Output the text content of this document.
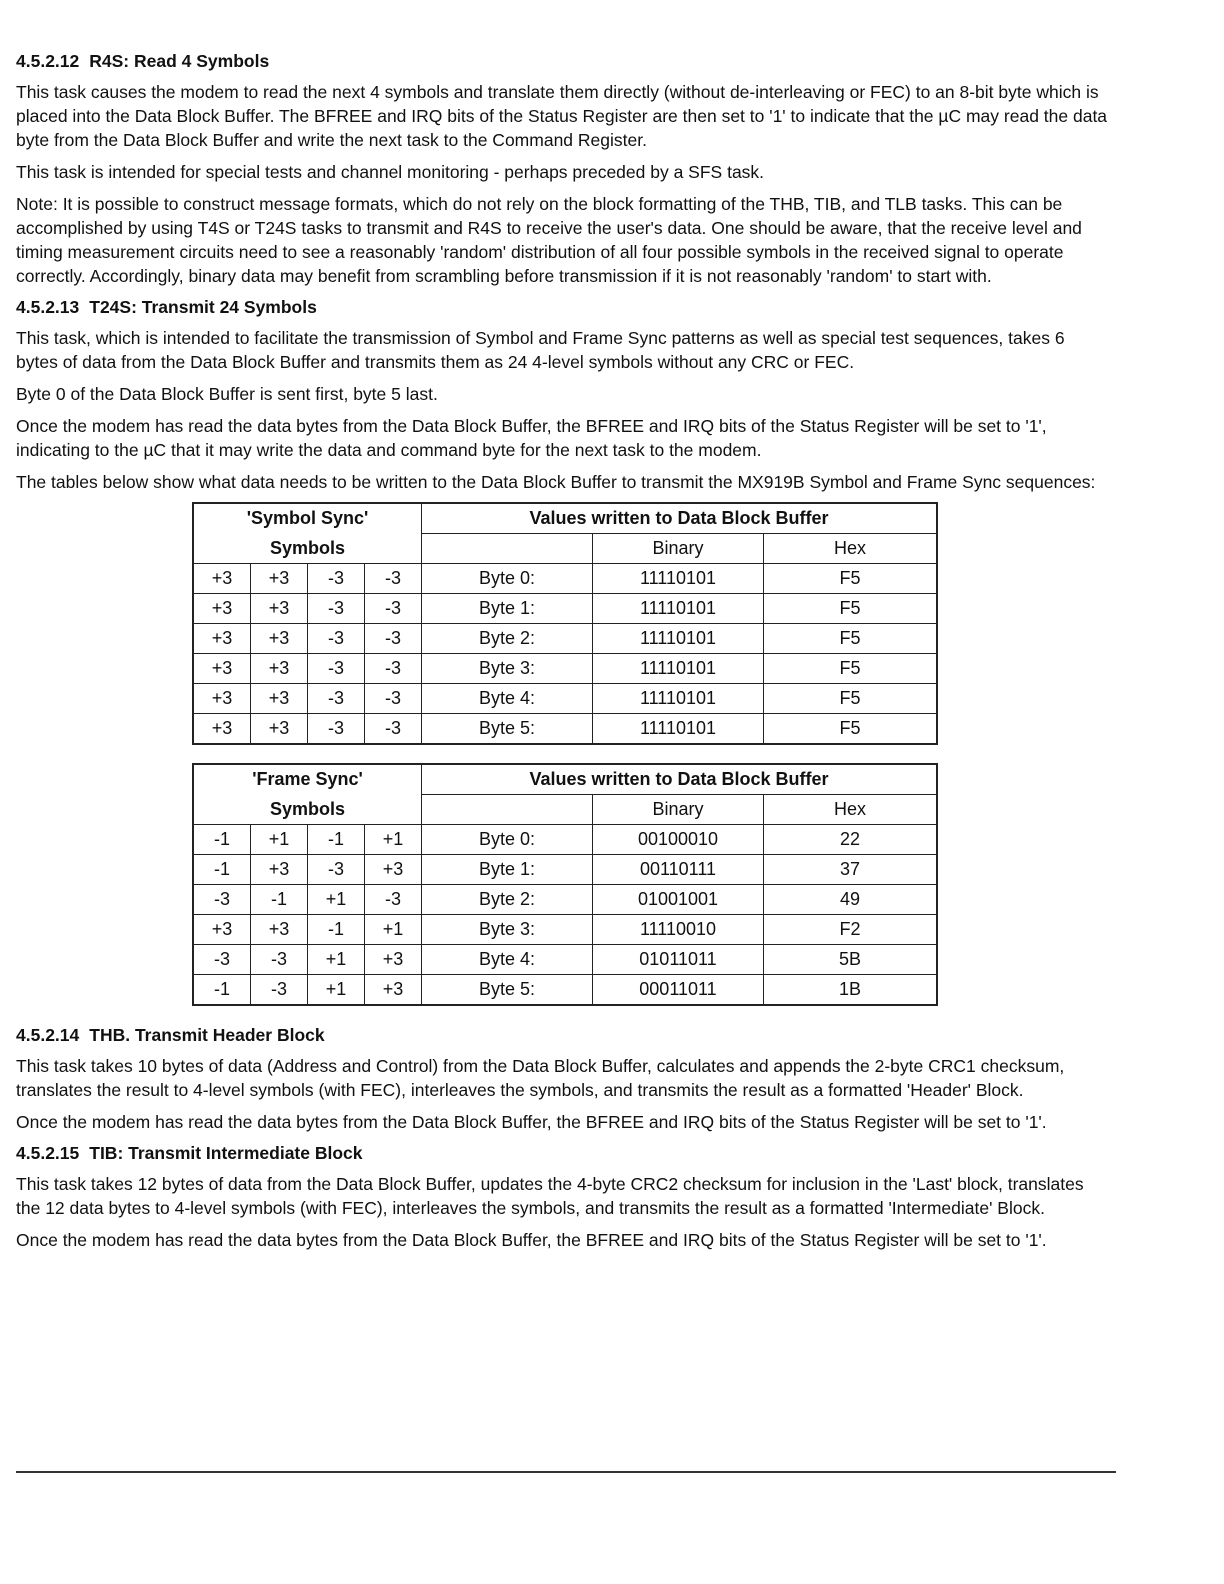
4.5.2.12 R4S: Read 4 Symbols

This task causes the modem to read the next 4 symbols and translate them directly (without de-interleaving or FEC) to an 8-bit byte which is placed into the Data Block Buffer. The BFREE and IRQ bits of the Status Register are then set to '1' to indicate that the µC may read the data byte from the Data Block Buffer and write the next task to the Command Register.

This task is intended for special tests and channel monitoring - perhaps preceded by a SFS task.

Note: It is possible to construct message formats, which do not rely on the block formatting of the THB, TIB, and TLB tasks. This can be accomplished by using T4S or T24S tasks to transmit and R4S to receive the user's data. One should be aware, that the receive level and timing measurement circuits need to see a reasonably 'random' distribution of all four possible symbols in the received signal to operate correctly. Accordingly, binary data may benefit from scrambling before transmission if it is not reasonably 'random' to start with.

4.5.2.13 T24S: Transmit 24 Symbols

This task, which is intended to facilitate the transmission of Symbol and Frame Sync patterns as well as special test sequences, takes 6 bytes of data from the Data Block Buffer and transmits them as 24 4-level symbols without any CRC or FEC.

Byte 0 of the Data Block Buffer is sent first, byte 5 last.

Once the modem has read the data bytes from the Data Block Buffer, the BFREE and IRQ bits of the Status Register will be set to '1', indicating to the µC that it may write the data and command byte for the next task to the modem.

The tables below show what data needs to be written to the Data Block Buffer to transmit the MX919B Symbol and Frame Sync sequences:

'Symbol Sync'				Values written to Data Block Buffer		
Symbols					Binary	Hex
+3	+3	-3	-3	Byte 0:	11110101	F5
+3	+3	-3	-3	Byte 1:	11110101	F5
+3	+3	-3	-3	Byte 2:	11110101	F5
+3	+3	-3	-3	Byte 3:	11110101	F5
+3	+3	-3	-3	Byte 4:	11110101	F5
+3	+3	-3	-3	Byte 5:	11110101	F5
'Frame Sync'				Values written to Data Block Buffer		
Symbols					Binary	Hex
-1	+1	-1	+1	Byte 0:	00100010	22
-1	+3	-3	+3	Byte 1:	00110111	37
-3	-1	+1	-3	Byte 2:	01001001	49
+3	+3	-1	+1	Byte 3:	11110010	F2
-3	-3	+1	+3	Byte 4:	01011011	5B
-1	-3	+1	+3	Byte 5:	00011011	1B
4.5.2.14 THB. Transmit Header Block

This task takes 10 bytes of data (Address and Control) from the Data Block Buffer, calculates and appends the 2-byte CRC1 checksum, translates the result to 4-level symbols (with FEC), interleaves the symbols, and transmits the result as a formatted 'Header' Block.

Once the modem has read the data bytes from the Data Block Buffer, the BFREE and IRQ bits of the Status Register will be set to '1'.

4.5.2.15 TIB: Transmit Intermediate Block

This task takes 12 bytes of data from the Data Block Buffer, updates the 4-byte CRC2 checksum for inclusion in the 'Last' block, translates the 12 data bytes to 4-level symbols (with FEC), interleaves the symbols, and transmits the result as a formatted 'Intermediate' Block.

Once the modem has read the data bytes from the Data Block Buffer, the BFREE and IRQ bits of the Status Register will be set to '1'.
